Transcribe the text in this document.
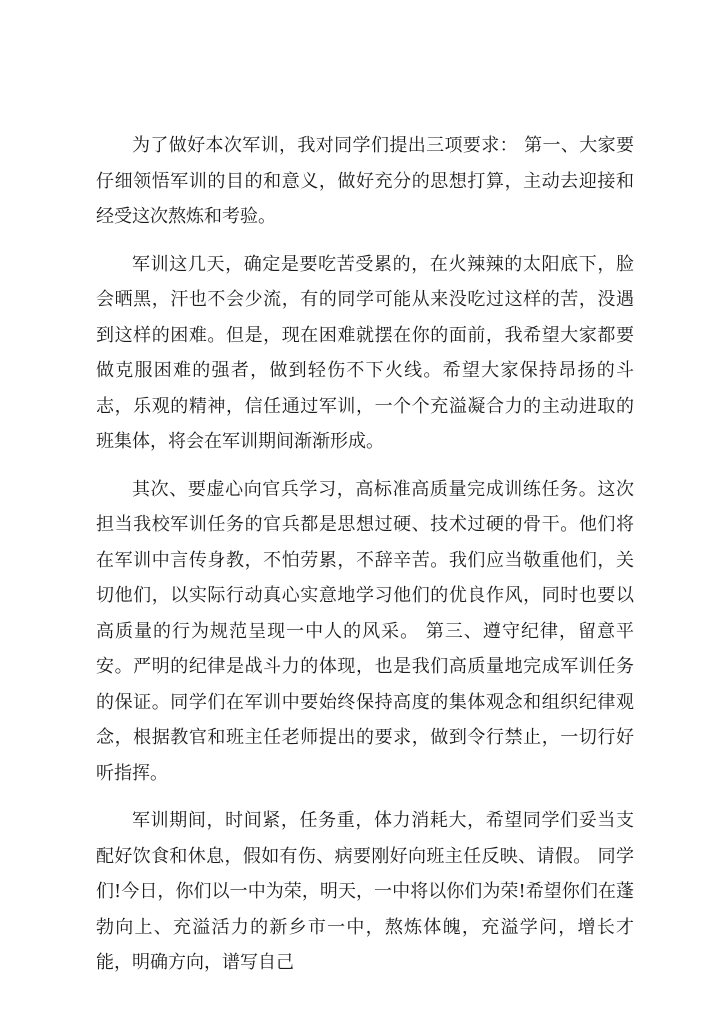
为了做好本次军训，我对同学们提出三项要求： 第一、大家要仔细领悟军训的目的和意义，做好充分的思想打算，主动去迎接和经受这次熬炼和考验。

军训这几天，确定是要吃苦受累的，在火辣辣的太阳底下，脸会晒黑，汗也不会少流，有的同学可能从来没吃过这样的苦，没遇到这样的困难。但是，现在困难就摆在你的面前，我希望大家都要做克服困难的强者，做到轻伤不下火线。希望大家保持昂扬的斗志，乐观的精神，信任通过军训，一个个充溢凝合力的主动进取的班集体，将会在军训期间渐渐形成。

其次、要虚心向官兵学习，高标准高质量完成训练任务。这次担当我校军训任务的官兵都是思想过硬、技术过硬的骨干。他们将在军训中言传身教，不怕劳累，不辞辛苦。我们应当敬重他们，关切他们，以实际行动真心实意地学习他们的优良作风，同时也要以高质量的行为规范呈现一中人的风采。 第三、遵守纪律，留意平安。严明的纪律是战斗力的体现，也是我们高质量地完成军训任务的保证。同学们在军训中要始终保持高度的集体观念和组织纪律观念，根据教官和班主任老师提出的要求，做到令行禁止，一切行好听指挥。

军训期间，时间紧，任务重，体力消耗大，希望同学们妥当支配好饮食和休息，假如有伤、病要刚好向班主任反映、请假。 同学们!今日，你们以一中为荣，明天，一中将以你们为荣!希望你们在蓬勃向上、充溢活力的新乡市一中，熬炼体魄，充溢学问，增长才能，明确方向，谱写自己
